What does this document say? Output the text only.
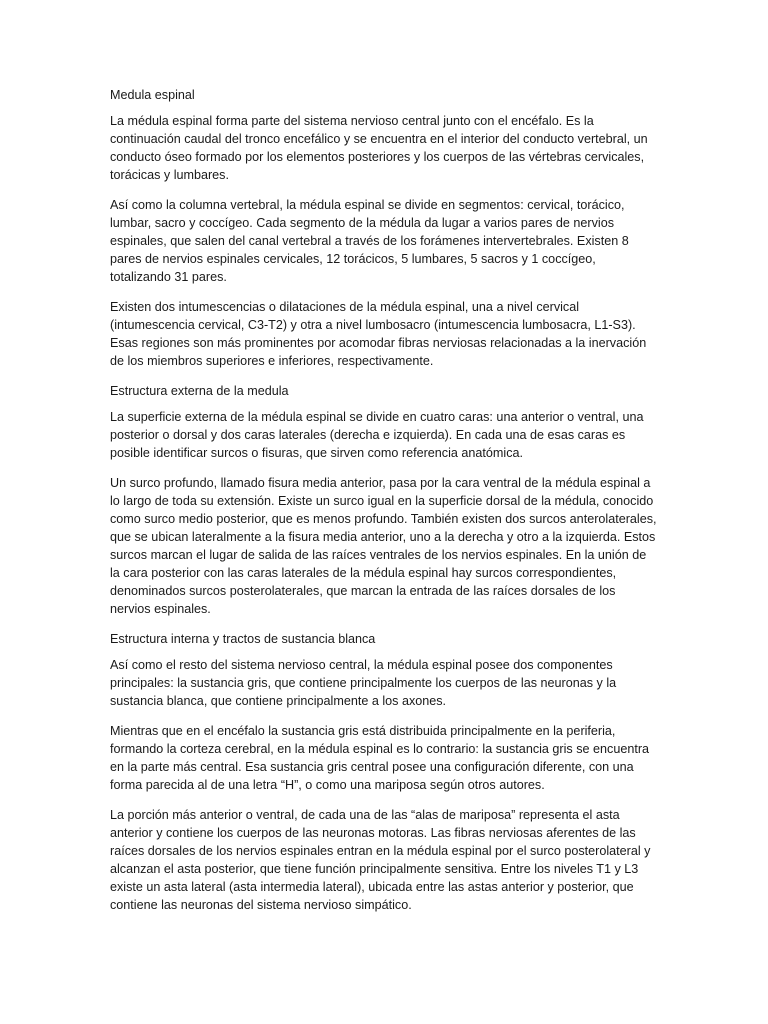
Medula espinal

La médula espinal forma parte del sistema nervioso central junto con el encéfalo. Es la continuación caudal del tronco encefálico y se encuentra en el interior del conducto vertebral, un conducto óseo formado por los elementos posteriores y los cuerpos de las vértebras cervicales, torácicas y lumbares.

Así como la columna vertebral, la médula espinal se divide en segmentos: cervical, torácico, lumbar, sacro y coccígeo. Cada segmento de la médula da lugar a varios pares de nervios espinales, que salen del canal vertebral a través de los forámenes intervertebrales. Existen 8 pares de nervios espinales cervicales, 12 torácicos, 5 lumbares, 5 sacros y 1 coccígeo, totalizando 31 pares.

Existen dos intumescencias o dilataciones de la médula espinal, una a nivel cervical (intumescencia cervical, C3-T2) y otra a nivel lumbosacro (intumescencia lumbosacra, L1-S3). Esas regiones son más prominentes por acomodar fibras nerviosas relacionadas a la inervación de los miembros superiores e inferiores, respectivamente.

Estructura externa de la medula

La superficie externa de la médula espinal se divide en cuatro caras: una anterior o ventral, una posterior o dorsal y dos caras laterales (derecha e izquierda). En cada una de esas caras es posible identificar surcos o fisuras, que sirven como referencia anatómica.

Un surco profundo, llamado fisura media anterior, pasa por la cara ventral de la médula espinal a lo largo de toda su extensión. Existe un surco igual en la superficie dorsal de la médula, conocido como surco medio posterior, que es menos profundo. También existen dos surcos anterolaterales, que se ubican lateralmente a la fisura media anterior, uno a la derecha y otro a la izquierda. Estos surcos marcan el lugar de salida de las raíces ventrales de los nervios espinales. En la unión de la cara posterior con las caras laterales de la médula espinal hay surcos correspondientes, denominados surcos posterolaterales, que marcan la entrada de las raíces dorsales de los nervios espinales.

Estructura interna y tractos de sustancia blanca

Así como el resto del sistema nervioso central, la médula espinal posee dos componentes principales: la sustancia gris, que contiene principalmente los cuerpos de las neuronas y la sustancia blanca, que contiene principalmente a los axones.

Mientras que en el encéfalo la sustancia gris está distribuida principalmente en la periferia, formando la corteza cerebral, en la médula espinal es lo contrario: la sustancia gris se encuentra en la parte más central. Esa sustancia gris central posee una configuración diferente, con una forma parecida al de una letra “H”, o como una mariposa según otros autores.

La porción más anterior o ventral, de cada una de las “alas de mariposa” representa el asta anterior y contiene los cuerpos de las neuronas motoras. Las fibras nerviosas aferentes de las raíces dorsales de los nervios espinales entran en la médula espinal por el surco posterolateral y alcanzan el asta posterior, que tiene función principalmente sensitiva. Entre los niveles T1 y L3 existe un asta lateral (asta intermedia lateral), ubicada entre las astas anterior y posterior, que contiene las neuronas del sistema nervioso simpático.
